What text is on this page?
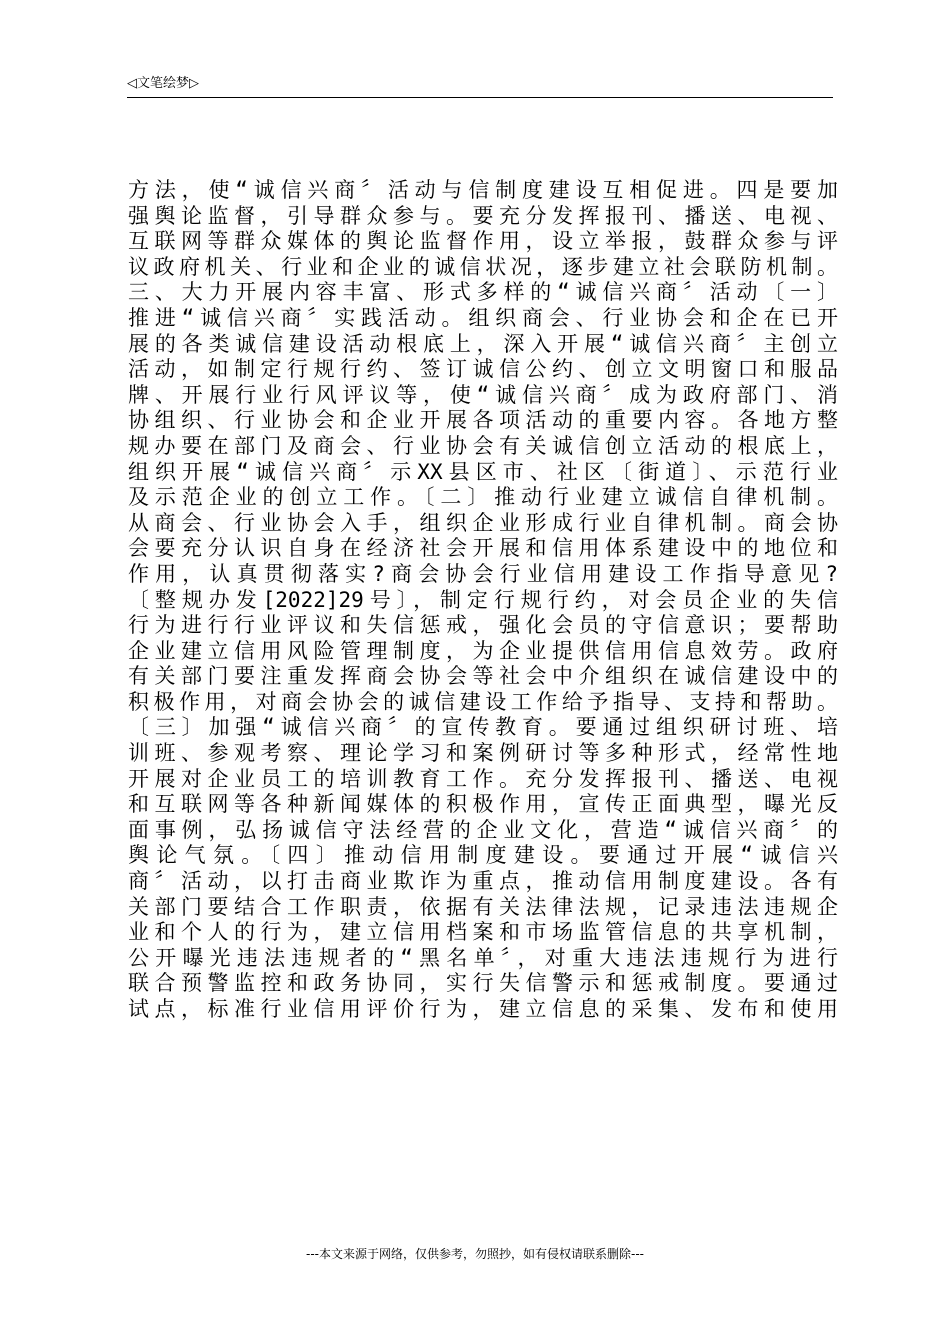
◁文笔绘梦▷
方法，使“诚信兴商〞活动与信制度建设互相促进。四是要加
强舆论监督，引导群众参与。要充分发挥报刊、播送、电视、
互联网等群众媒体的舆论监督作用，设立举报，鼓群众参与评
议政府机关、行业和企业的诚信状况，逐步建立社会联防机制。
三、大力开展内容丰富、形式多样的“诚信兴商〞活动〔一〕
推进“诚信兴商〞实践活动。组织商会、行业协会和企在已开
展的各类诚信建设活动根底上，深入开展“诚信兴商〞主创立
活动，如制定行规行约、签订诚信公约、创立文明窗口和服品
牌、开展行业行风评议等，使“诚信兴商〞成为政府部门、消
协组织、行业协会和企业开展各项活动的重要内容。各地方整
规办要在部门及商会、行业协会有关诚信创立活动的根底上，
组织开展“诚信兴商〞示XX县区市、社区〔街道〕、示范行业
及示范企业的创立工作。〔二〕推动行业建立诚信自律机制。
从商会、行业协会入手，组织企业形成行业自律机制。商会协
会要充分认识自身在经济社会开展和信用体系建设中的地位和
作用，认真贯彻落实?商会协会行业信用建设工作指导意见?
〔整规办发[2022]29号〕，制定行规行约，对会员企业的失信
行为进行行业评议和失信惩戒，强化会员的守信意识；要帮助
企业建立信用风险管理制度，为企业提供信用信息效劳。政府
有关部门要注重发挥商会协会等社会中介组织在诚信建设中的
积极作用，对商会协会的诚信建设工作给予指导、支持和帮助。
〔三〕加强“诚信兴商〞的宣传教育。要通过组织研讨班、培
训班、参观考察、理论学习和案例研讨等多种形式，经常性地
开展对企业员工的培训教育工作。充分发挥报刊、播送、电视
和互联网等各种新闻媒体的积极作用，宣传正面典型，曝光反
面事例，弘扬诚信守法经营的企业文化，营造“诚信兴商〞的
舆论气氛。〔四〕推动信用制度建设。要通过开展“诚信兴
商〞活动，以打击商业欺诈为重点，推动信用制度建设。各有
关部门要结合工作职责，依据有关法律法规，记录违法违规企
业和个人的行为，建立信用档案和市场监管信息的共享机制，
公开曝光违法违规者的“黑名单〞，对重大违法违规行为进行
联合预警监控和政务协同，实行失信警示和惩戒制度。要通过
试点，标准行业信用评价行为，建立信息的采集、发布和使用
---本文来源于网络，仅供参考，勿照抄，如有侵权请联系删除---
